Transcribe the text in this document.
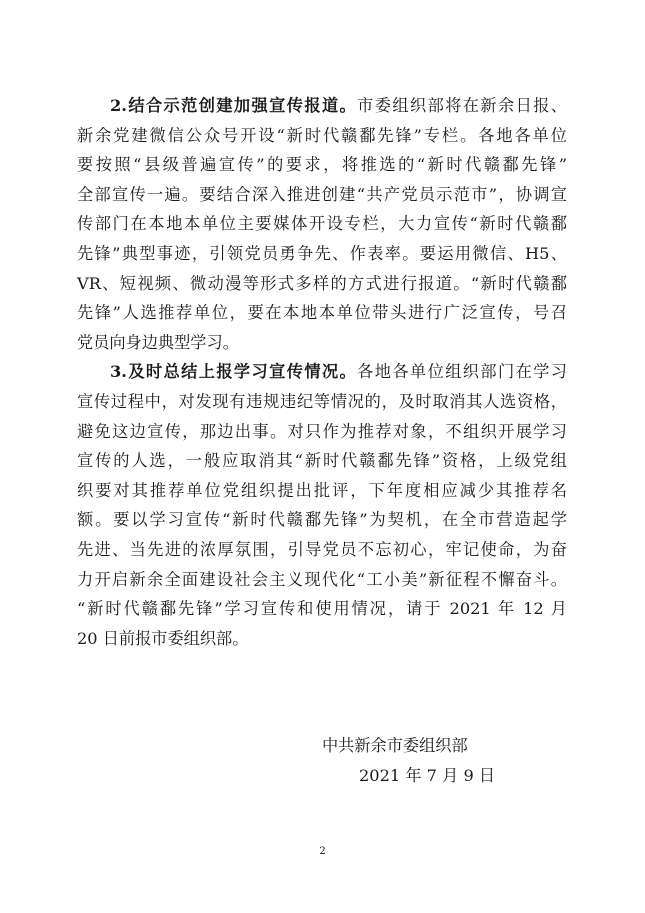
2.结合示范创建加强宣传报道。市委组织部将在新余日报、
新余党建微信公众号开设“新时代赣鄱先锋”专栏。各地各单位
要按照“县级普遍宣传”的要求，将推选的“新时代赣鄱先锋”
全部宣传一遍。要结合深入推进创建“共产党员示范市”，协调宣
传部门在本地本单位主要媒体开设专栏，大力宣传“新时代赣鄱
先锋”典型事迹，引领党员勇争先、作表率。要运用微信、H5、
VR、短视频、微动漫等形式多样的方式进行报道。“新时代赣鄱
先锋”人选推荐单位，要在本地本单位带头进行广泛宣传，号召
党员向身边典型学习。
3.及时总结上报学习宣传情况。各地各单位组织部门在学习
宣传过程中，对发现有违规违纪等情况的，及时取消其人选资格，
避免这边宣传，那边出事。对只作为推荐对象，不组织开展学习
宣传的人选，一般应取消其“新时代赣鄱先锋”资格，上级党组
织要对其推荐单位党组织提出批评，下年度相应减少其推荐名
额。要以学习宣传“新时代赣鄱先锋”为契机，在全市营造起学
先进、当先进的浓厚氛围，引导党员不忘初心，牢记使命，为奋
力开启新余全面建设社会主义现代化“工小美”新征程不懈奋斗。
“新时代赣鄱先锋”学习宣传和使用情况，请于 2021 年 12 月
20 日前报市委组织部。
中共新余市委组织部
2021 年 7 月 9 日
2
